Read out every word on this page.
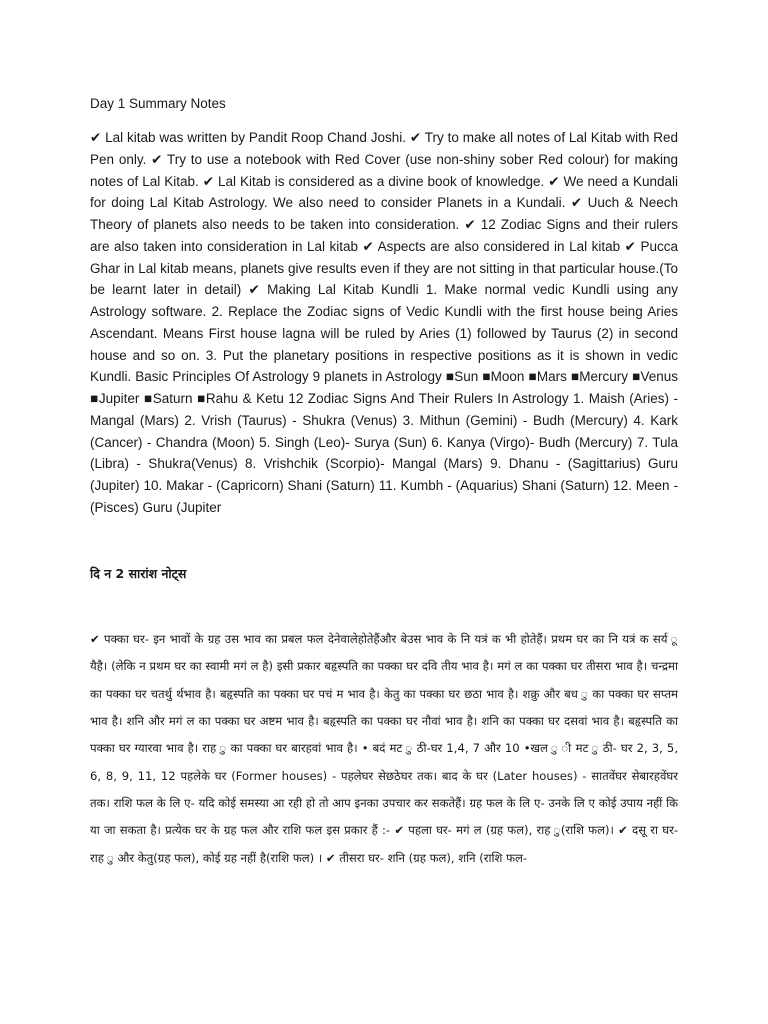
Day 1 Summary Notes
✔ Lal kitab was written by Pandit Roop Chand Joshi. ✔ Try to make all notes of Lal Kitab with Red Pen only. ✔ Try to use a notebook with Red Cover (use non-shiny sober Red colour) for making notes of Lal Kitab. ✔ Lal Kitab is considered as a divine book of knowledge. ✔ We need a Kundali for doing Lal Kitab Astrology. We also need to consider Planets in a Kundali. ✔ Uuch & Neech Theory of planets also needs to be taken into consideration. ✔ 12 Zodiac Signs and their rulers are also taken into consideration in Lal kitab ✔ Aspects are also considered in Lal kitab ✔ Pucca Ghar in Lal kitab means, planets give results even if they are not sitting in that particular house.(To be learnt later in detail) ✔ Making Lal Kitab Kundli 1. Make normal vedic Kundli using any Astrology software. 2. Replace the Zodiac signs of Vedic Kundli with the first house being Aries Ascendant. Means First house lagna will be ruled by Aries (1) followed by Taurus (2) in second house and so on. 3. Put the planetary positions in respective positions as it is shown in vedic Kundli. Basic Principles Of Astrology 9 planets in Astrology ■Sun ■Moon ■Mars ■Mercury ■Venus ■Jupiter ■Saturn ■Rahu & Ketu 12 Zodiac Signs And Their Rulers In Astrology 1. Maish (Aries) - Mangal (Mars) 2. Vrish (Taurus) - Shukra (Venus) 3. Mithun (Gemini) - Budh (Mercury) 4. Kark (Cancer) - Chandra (Moon) 5. Singh (Leo)- Surya (Sun) 6. Kanya (Virgo)- Budh (Mercury) 7. Tula (Libra) - Shukra(Venus) 8. Vrishchik (Scorpio)- Mangal (Mars) 9. Dhanu - (Sagittarius) Guru (Jupiter) 10. Makar - (Capricorn) Shani (Saturn) 11. Kumbh - (Aquarius) Shani (Saturn) 12. Meen - (Pisces) Guru (Jupiter
दि न 2 सारांश नोट्स
✔ पक्का घर- इन भावों के ग्रह उस भाव का प्रबल फल देनेवालेहोतेहैंऔर बेउस भाव के नि यत्रं क भी होतेहैं। प्रथम घर का नि यत्रं क सर्य ू यैहै। (लेकि न प्रथम घर का स्वामी मगं ल है) इसी प्रकार बहृस्पति का पक्का घर दवि तीय भाव है। मगं ल का पक्का घर तीसरा भाव है। चन्द्रमा का पक्का घर चतर्थु र्थभाव है। बहृस्पति का पक्का घर पचं म भाव है। केतु का पक्का घर छठा भाव है। शक्रु और बध ु का पक्का घर सप्तम भाव है। शनि और मगं ल का पक्का घर अष्टम भाव है। बहृस्पति का पक्का घर नौवां भाव है। शनि का पक्का घर दसवां भाव है। बहृस्पति का पक्का घर ग्यारवा भाव है। राह ु का पक्का घर बारहवां भाव है। • बदं मट ु ठी-घर 1,4, 7 और 10 •खल ु ी मट ु ठी- घर 2, 3, 5, 6, 8, 9, 11, 12 पहलेके घर (Former houses) - पहलेघर सेछठेघर तक। बाद के घर (Later houses) - सातवेंघर सेबारहवेंघर तक। राशि फल के लि ए- यदि कोई समस्या आ रही हो तो आप इनका उपचार कर सकतेहैं। ग्रह फल के लि ए- उनके लि ए कोई उपाय नहीं कि या जा सकता है। प्रत्येक घर के ग्रह फल और राशि फल इस प्रकार हैं :- ✔ पहला घर- मगं ल (ग्रह फल), राह ु(राशि फल)। ✔ दसू रा घर- राह ु और केतु(ग्रह फल), कोई ग्रह नहीं है(राशि फल) । ✔ तीसरा घर- शनि (ग्रह फल), शनि (राशि फल-
